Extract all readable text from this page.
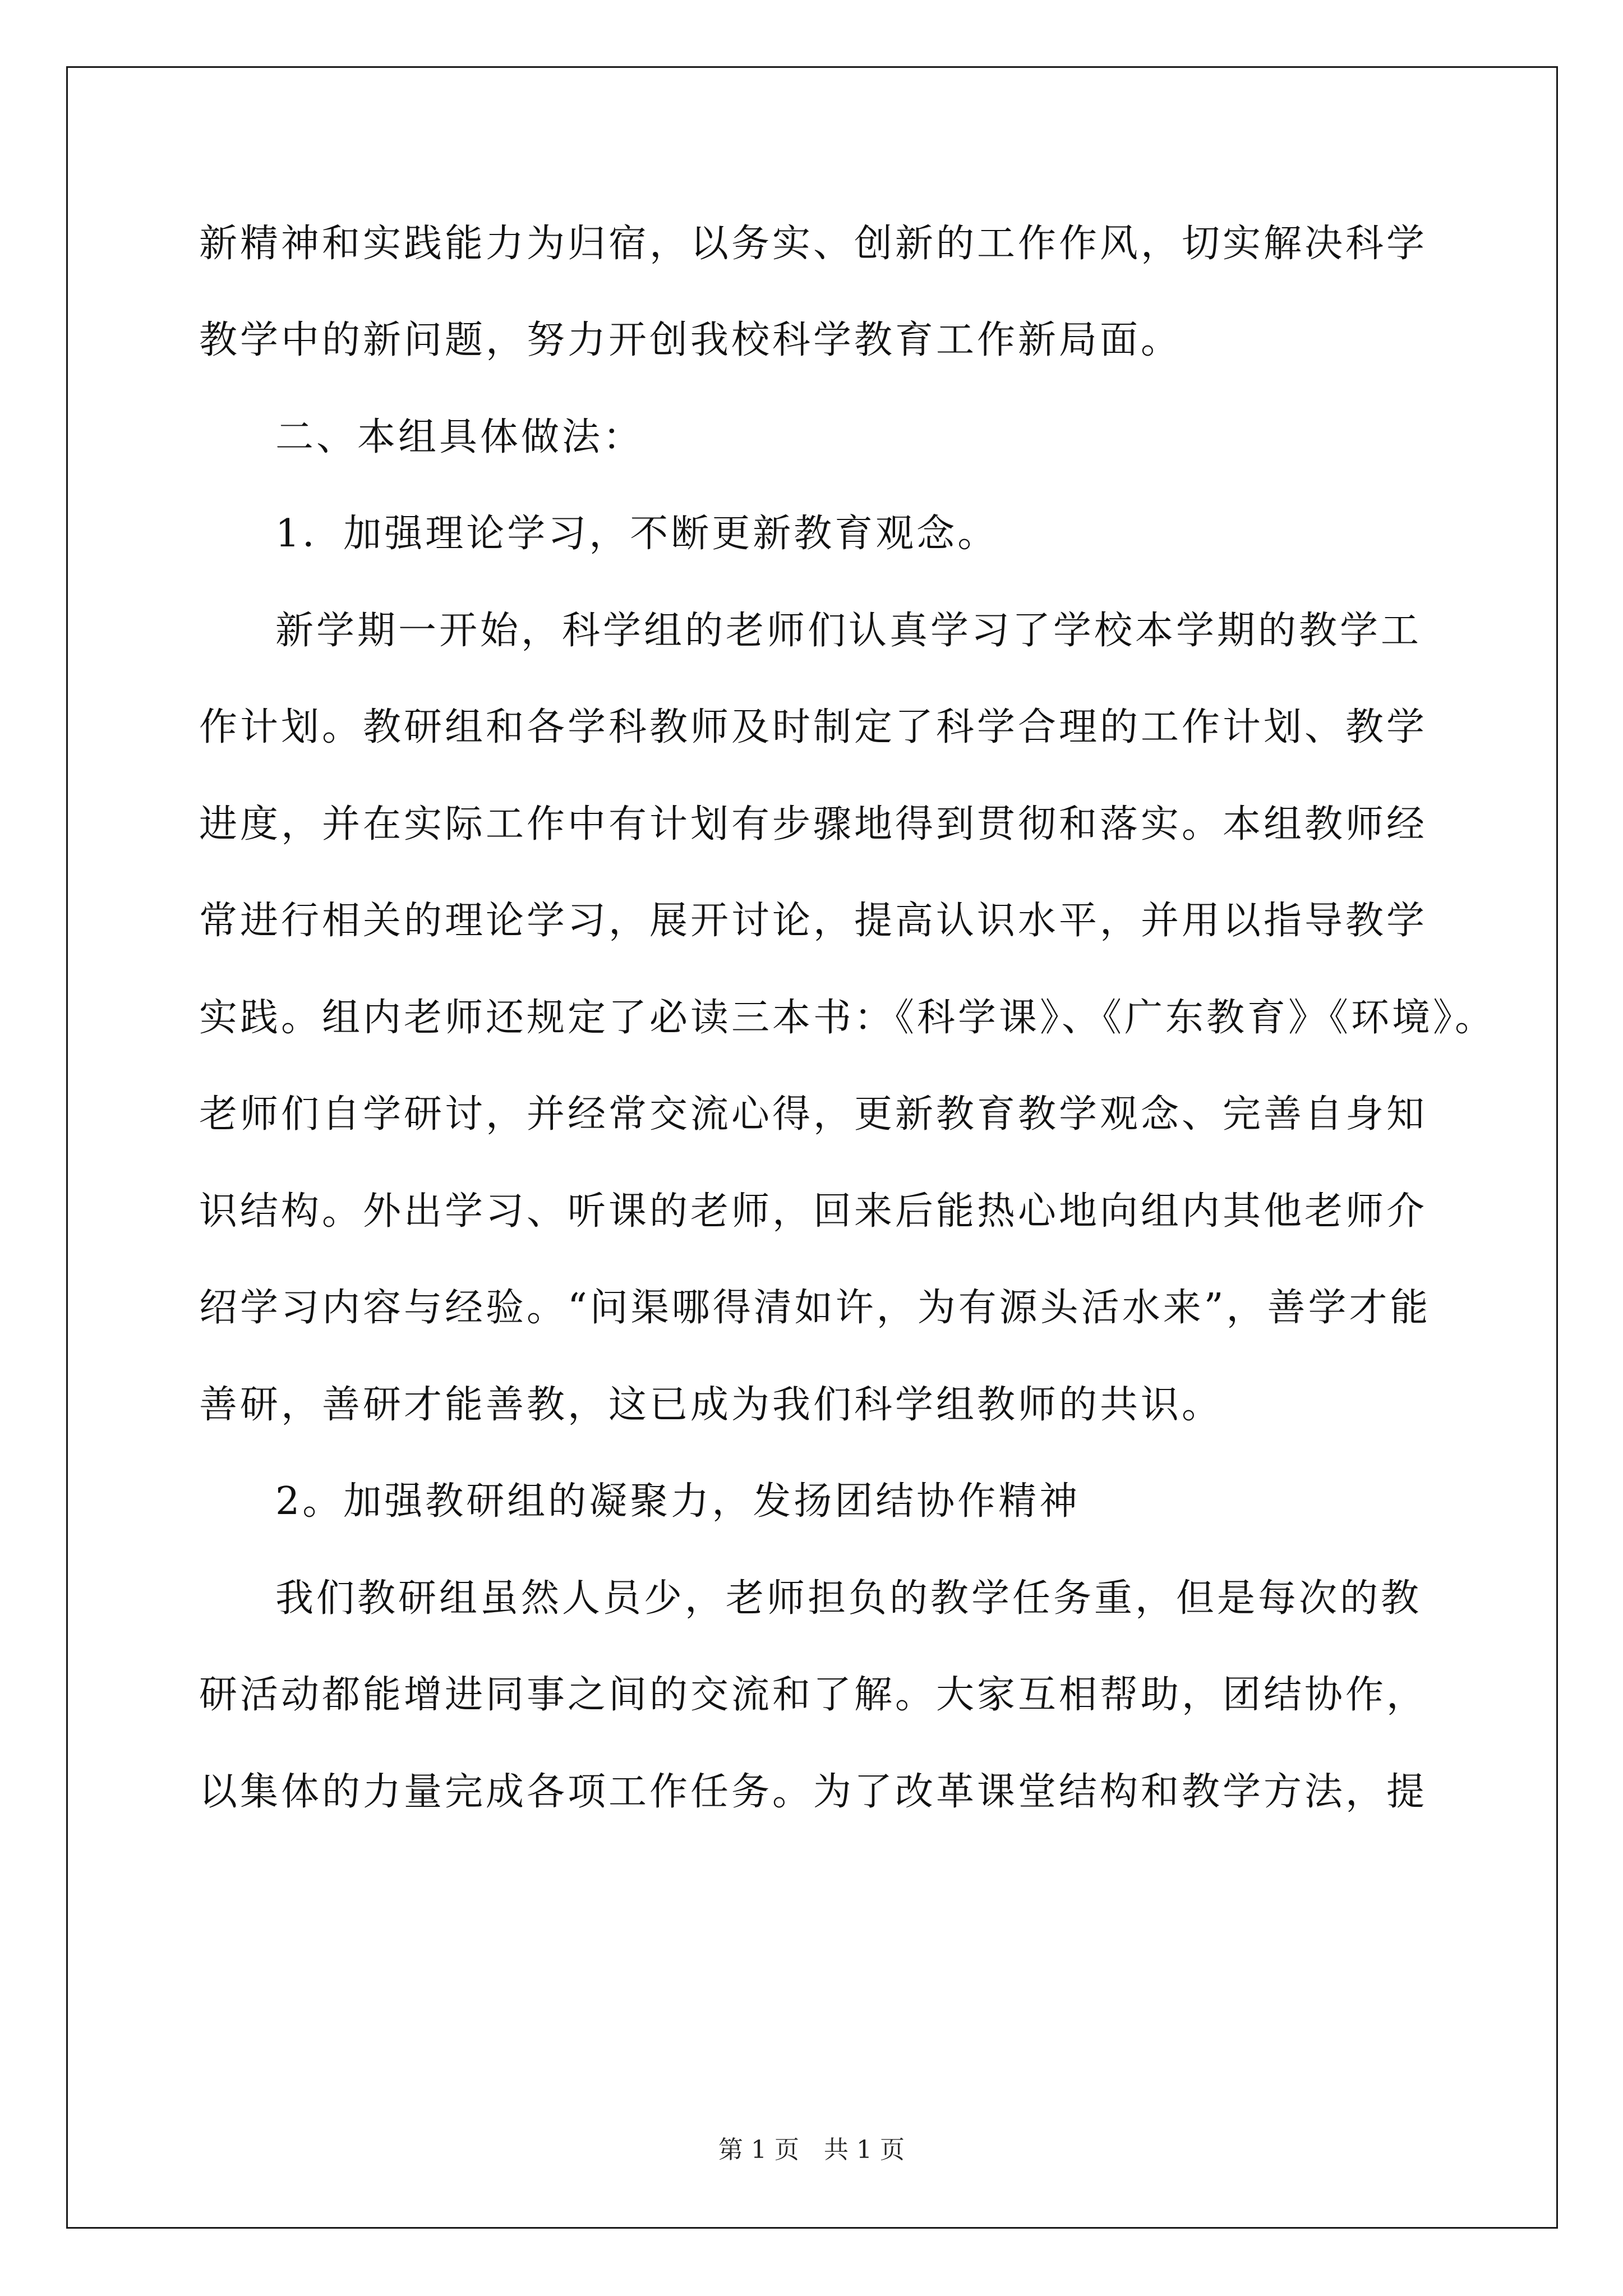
新精神和实践能力为归宿，以务实、创新的工作作风，切实解决科学
教学中的新问题，努力开创我校科学教育工作新局面。
二、本组具体做法：
1．加强理论学习，不断更新教育观念。
新学期一开始，科学组的老师们认真学习了学校本学期的教学工
作计划。教研组和各学科教师及时制定了科学合理的工作计划、教学
进度，并在实际工作中有计划有步骤地得到贯彻和落实。本组教师经
常进行相关的理论学习，展开讨论，提高认识水平，并用以指导教学
实践。组内老师还规定了必读三本书：《科学课》、《广东教育》《环境》。
老师们自学研讨，并经常交流心得，更新教育教学观念、完善自身知
识结构。外出学习、听课的老师，回来后能热心地向组内其他老师介
绍学习内容与经验。“问渠哪得清如许，为有源头活水来”，善学才能
善研，善研才能善教，这已成为我们科学组教师的共识。
2。加强教研组的凝聚力，发扬团结协作精神
我们教研组虽然人员少，老师担负的教学任务重，但是每次的教
研活动都能增进同事之间的交流和了解。大家互相帮助，团结协作，
以集体的力量完成各项工作任务。为了改革课堂结构和教学方法，提
第 1 页　共 1 页
